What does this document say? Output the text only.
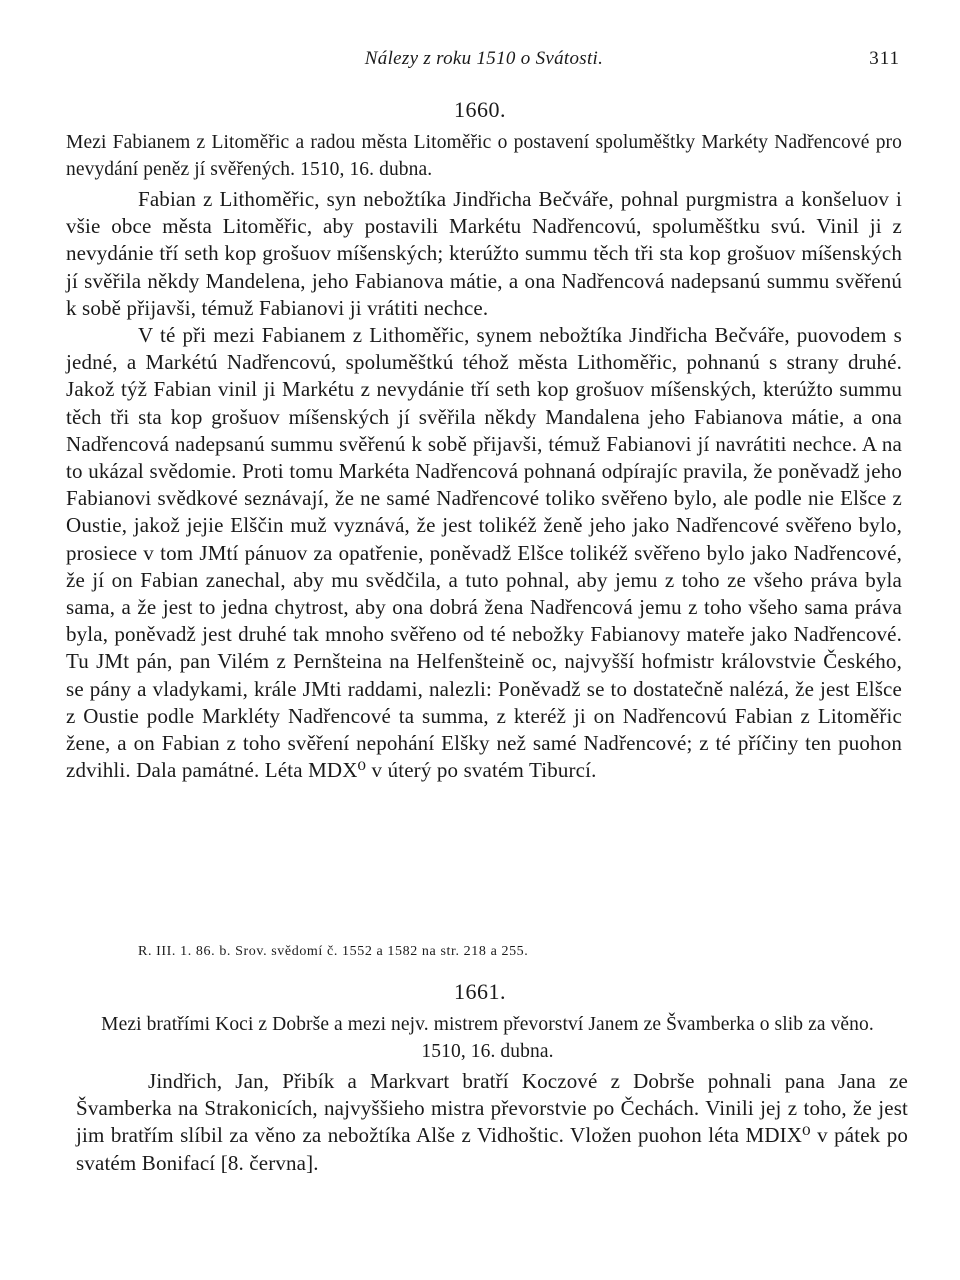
Nálezy z roku 1510 o Svátosti.	311
1660.
Mezi Fabianem z Litoměřic a radou města Litoměřic o postavení spoluměštky Markéty Nadřencové pro nevydání peněz jí svěřených. 1510, 16. dubna.

Fabian z Lithoměřic, syn nebožtíka Jindřicha Bečváře, pohnal purgmistra a konšeluov i všie obce města Litoměřic, aby postavili Markétu Nadřencovú, spoluměštku svú. Vinil ji z nevydánie tří seth kop grošuov míšenských; kterúžto summu těch tři sta kop grošuov míšenských jí svěřila někdy Mandelena, jeho Fabianova mátie, a ona Nadřencová nadepsanú summu svěřenú k sobě přijavši, témuž Fabianovi ji vrátiti nechce.

V té při mezi Fabianem z Lithoměřic, synem nebožtíka Jindřicha Bečváře, puovodem s jedné, a Markétú Nadřencovú, spoluměštkú téhož města Lithoměřic, pohnanú s strany druhé. Jakož týž Fabian vinil ji Markétu z nevydánie tří seth kop grošuov míšenských, kterúžto summu těch tři sta kop grošuov míšenských jí svěřila někdy Mandalena jeho Fabianova mátie, a ona Nadřencová nadepsanú summu svěřenú k sobě přijavši, témuž Fabianovi jí navrátiti nechce. A na to ukázal svědomie. Proti tomu Markéta Nadřencová pohnaná odpírajíc pravila, že poněvadž jeho Fabianovi svědkové seznávají, že ne samé Nadřencové toliko svěřeno bylo, ale podle nie Elšce z Oustie, jakož jejie Elščin muž vyznává, že jest tolikéž ženě jeho jako Nadřencové svěřeno bylo, prosiece v tom JMtí pánuov za opatřenie, poněvadž Elšce tolikéž svěřeno bylo jako Nadřencové, že jí on Fabian zanechal, aby mu svědčila, a tuto pohnal, aby jemu z toho ze všeho práva byla sama, a že jest to jedna chytrost, aby ona dobrá žena Nadřencová jemu z toho všeho sama práva byla, poněvadž jest druhé tak mnoho svěřeno od té nebožky Fabianovy mateře jako Nadřencové. Tu JMt pán, pan Vilém z Pernšteina na Helfenšteině oc, najvyšší hofmistr královstvie Českého, se pány a vladykami, krále JMti raddami, nalezli: Poněvadž se to dostatečně nalézá, že jest Elšce z Oustie podle Markléty Nadřencové ta summa, z kteréž ji on Nadřencovú Fabian z Litoměřic žene, a on Fabian z toho svěření nepohání Elšky než samé Nadřencové; z té příčiny ten puohon zdvihli. Dala památné. Léta MDX⁰ v úterý po svatém Tiburcí.

R. III. 1. 86. b. Srov. svědomí č. 1552 a 1582 na str. 218 a 255.
1661.
Mezi bratřími Koci z Dobrše a mezi nejv. mistrem převorství Janem ze Švamberka o slib za věno. 1510, 16. dubna.

Jindřich, Jan, Přibík a Markvart bratří Koczové z Dobrše pohnali pana Jana ze Švamberka na Strakonicích, najvyššieho mistra převorstvie po Čechách. Vinili jej z toho, že jest jim bratřím slíbil za věno za nebožtíka Alše z Vidhoštic. Vložen puohon léta MDIX⁰ v pátek po svatém Bonifací [8. června].
